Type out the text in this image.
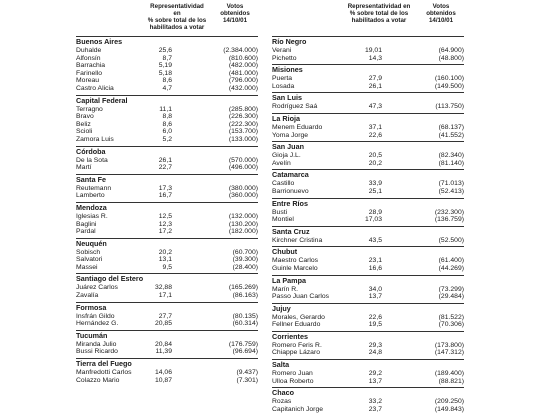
Representatividad en
% sobre total de los
habilitados a votar
Votos
obtenidos
14/10/01
Buenos Aires
Duhalde	25,6	(2.384.000)
Alfonsín	8,7	(810.600)
Barrachia	5,19	(482.000)
Farinello	5,18	(481.000)
Moreau	8,6	(796.000)
Castro Alicia	4,7	(432.000)
Capital Federal
Terragno	11,1	(285.800)
Bravo	8,8	(226.300)
Beliz	8,6	(222.300)
Scioli	6,0	(153.700)
Zamora Luis	5,2	(133.000)
Córdoba
De la Sota	26,1	(570.000)
Martí	22,7	(496.000)
Santa Fe
Reutemann	17,3	(380.000)
Lamberto	16,7	(360.000)
Mendoza
Iglesias R.	12,5	(132.000)
Baglini	12,3	(130.200)
Pardal	17,2	(182.000)
Neuquén
Sobisch	20,2	(60.700)
Salvatori	13,1	(39.300)
Massei	9,5	(28.400)
Santiago del Estero
Juárez Carlos	32,88	(165.269)
Zavalía	17,1	(86.163)
Formosa
Insfrán Gildo	27,7	(80.135)
Hernández G.	20,85	(60.314)
Tucumán
Miranda Julio	20,84	(176.759)
Bussi Ricardo	11,39	(96.694)
Tierra del Fuego
Manfredotti Carlos	14,06	(9.437)
Colazzo Mario	10,87	(7.301)
Representatividad en
% sobre total de los
habilitados a votar
Votos
obtenidos
14/10/01
Río Negro
Verani	19,01	(64.900)
Pichetto	14,3	(48.800)
Misiones
Puerta	27,9	(160.100)
Losada	26,1	(149.500)
San Luis
Rodríguez Saá	47,3	(113.750)
La Rioja
Menem Eduardo	37,1	(68.137)
Yoma Jorge	22,6	(41.552)
San Juan
Gioja J.L.	20,5	(82.340)
Avelín	20,2	(81.140)
Catamarca
Castillo	33,9	(71.013)
Barrionuevo	25,1	(52.413)
Entre Ríos
Busti	28,9	(232.300)
Montiel	17,03	(136.759)
Santa Cruz
Kirchner Cristina	43,5	(52.500)
Chubut
Maestro Carlos	23,1	(61.400)
Guinle Marcelo	16,6	(44.269)
La Pampa
Marín R.	34,0	(73.299)
Passo Juan Carlos	13,7	(29.484)
Jujuy
Morales, Gerardo	22,6	(81.522)
Fellner Eduardo	19,5	(70.306)
Corrientes
Romero Feris R.	29,3	(173.800)
Chiappe Lázaro	24,8	(147.312)
Salta
Romero Juan	29,2	(189.400)
Ulloa Roberto	13,7	(88.821)
Chaco
Rozas	33,2	(209.250)
Capitanich Jorge	23,7	(149.843)
